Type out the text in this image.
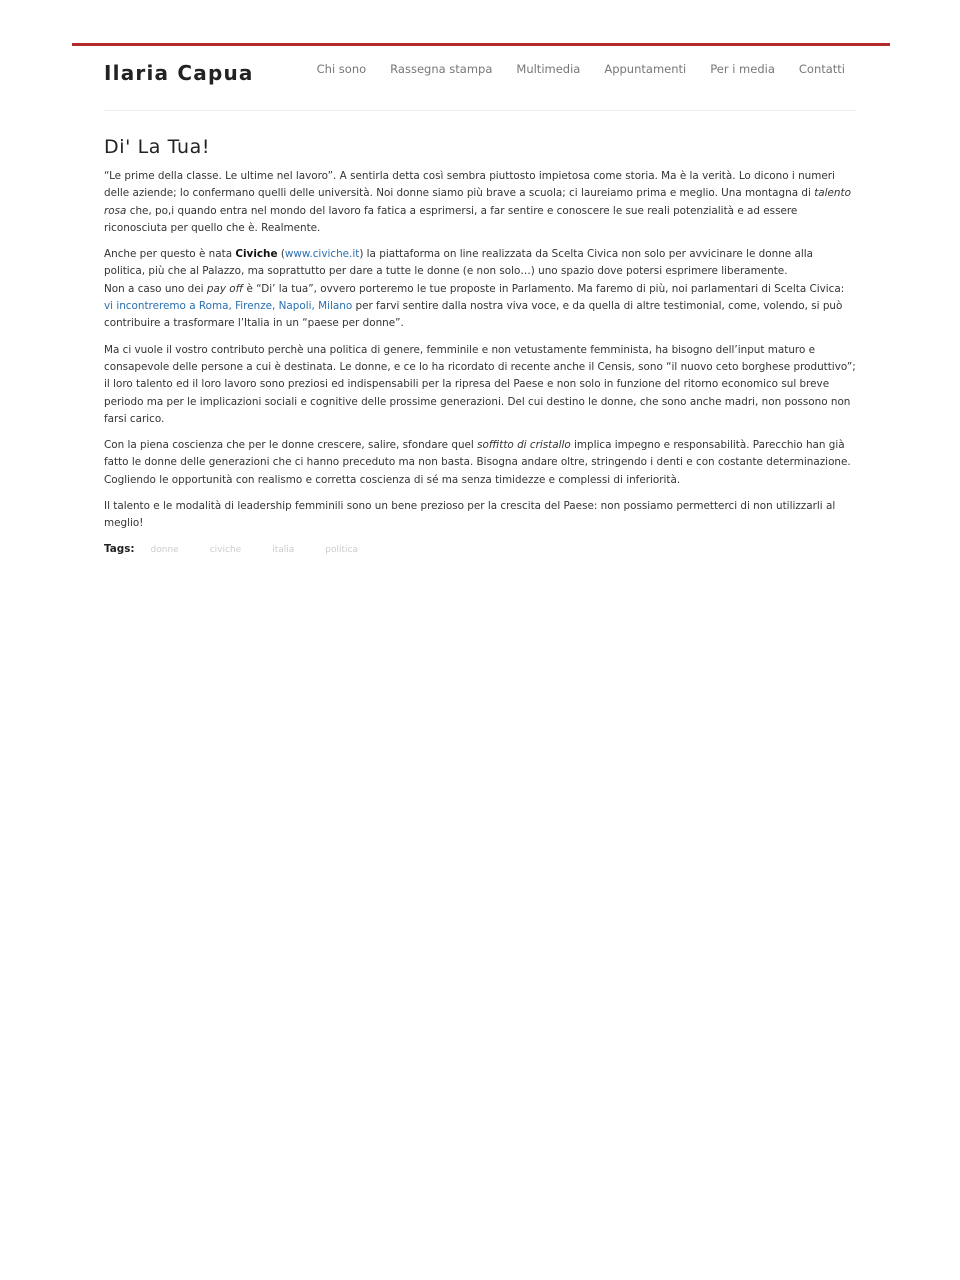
Ilaria Capua	Chi sono Rassegna stampa Multimedia Appuntamenti Per i media Contatti
Di' La Tua!

“Le prime della classe. Le ultime nel lavoro”. A sentirla detta così sembra piuttosto impietosa come storia. Ma è la verità. Lo dicono i numeri delle aziende; lo confermano quelli delle università. Noi donne siamo più brave a scuola; ci laureiamo prima e meglio. Una montagna di talento rosa che, po,i quando entra nel mondo del lavoro fa fatica a esprimersi, a far sentire e conoscere le sue reali potenzialità e ad essere riconosciuta per quello che è. Realmente.

Anche per questo è nata Civiche (www.civiche.it) la piattaforma on line realizzata da Scelta Civica non solo per avvicinare le donne alla politica, più che al Palazzo, ma soprattutto per dare a tutte le donne (e non solo…) uno spazio dove potersi esprimere liberamente.
Non a caso uno dei pay off è “Di’ la tua”, ovvero porteremo le tue proposte in Parlamento. Ma faremo di più, noi parlamentari di Scelta Civica: vi incontreremo a Roma, Firenze, Napoli, Milano per farvi sentire dalla nostra viva voce, e da quella di altre testimonial, come, volendo, si può contribuire a trasformare l’Italia in un “paese per donne”.

Ma ci vuole il vostro contributo perchè una politica di genere, femminile e non vetustamente femminista, ha bisogno dell’input maturo e consapevole delle persone a cui è destinata. Le donne, e ce lo ha ricordato di recente anche il Censis, sono “il nuovo ceto borghese produttivo”; il loro talento ed il loro lavoro sono preziosi ed indispensabili per la ripresa del Paese e non solo in funzione del ritorno economico sul breve periodo ma per le implicazioni sociali e cognitive delle prossime generazioni. Del cui destino le donne, che sono anche madri, non possono non farsi carico.

Con la piena coscienza che per le donne crescere, salire, sfondare quel soffitto di cristallo implica impegno e responsabilità. Parecchio han già fatto le donne delle generazioni che ci hanno preceduto ma non basta. Bisogna andare oltre, stringendo i denti e con costante determinazione. Cogliendo le opportunità con realismo e corretta coscienza di sé ma senza timidezze e complessi di inferiorità.

Il talento e le modalità di leadership femminili sono un bene prezioso per la crescita del Paese: non possiamo permetterci di non utilizzarli al meglio!

Tags: donne	civiche	italia	politica
